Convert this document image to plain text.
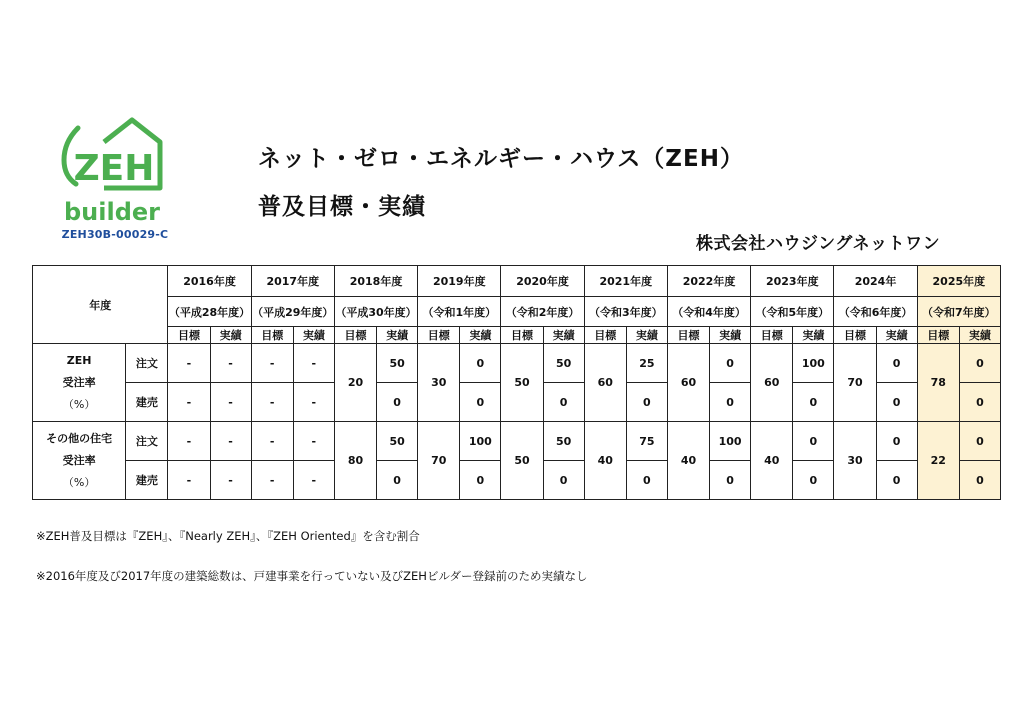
ZEH
builder
ZEH30B-00029-C
ネット・ゼロ・エネルギー・ハウス（ZEH）
普及目標・実績
株式会社ハウジングネットワン
年度		2016年度		2017年度		2018年度		2019年度		2020年度		2021年度		2022年度		2023年度		2024年		2025年度	
		（平成28年度）		（平成29年度）		（平成30年度）		（令和1年度）		（令和2年度）		（令和3年度）		（令和4年度）		（令和5年度）		（令和6年度）		（令和7年度）	
		目標	実績	目標	実績	目標	実績	目標	実績	目標	実績	目標	実績	目標	実績	目標	実績	目標	実績	目標	実績

ZEH
受注率
（%）	注文	-	-	-	-	20	50	30	0	50	50	60	25	60	0	60	100	70	0	78	0
	建売	-	-	-	-		0		0		0		0		0		0		0		0

その他の住宅
受注率
（%）	注文	-	-	-	-	80	50	70	100	50	50	40	75	40	100	40	0	30	0	22	0
	建売	-	-	-	-		0		0		0		0		0		0		0		0
※ZEH普及目標は『ZEH』、『Nearly ZEH』、『ZEH Oriented』を含む割合
※2016年度及び2017年度の建築総数は、戸建事業を行っていない及びZEHビルダー登録前のため実績なし
